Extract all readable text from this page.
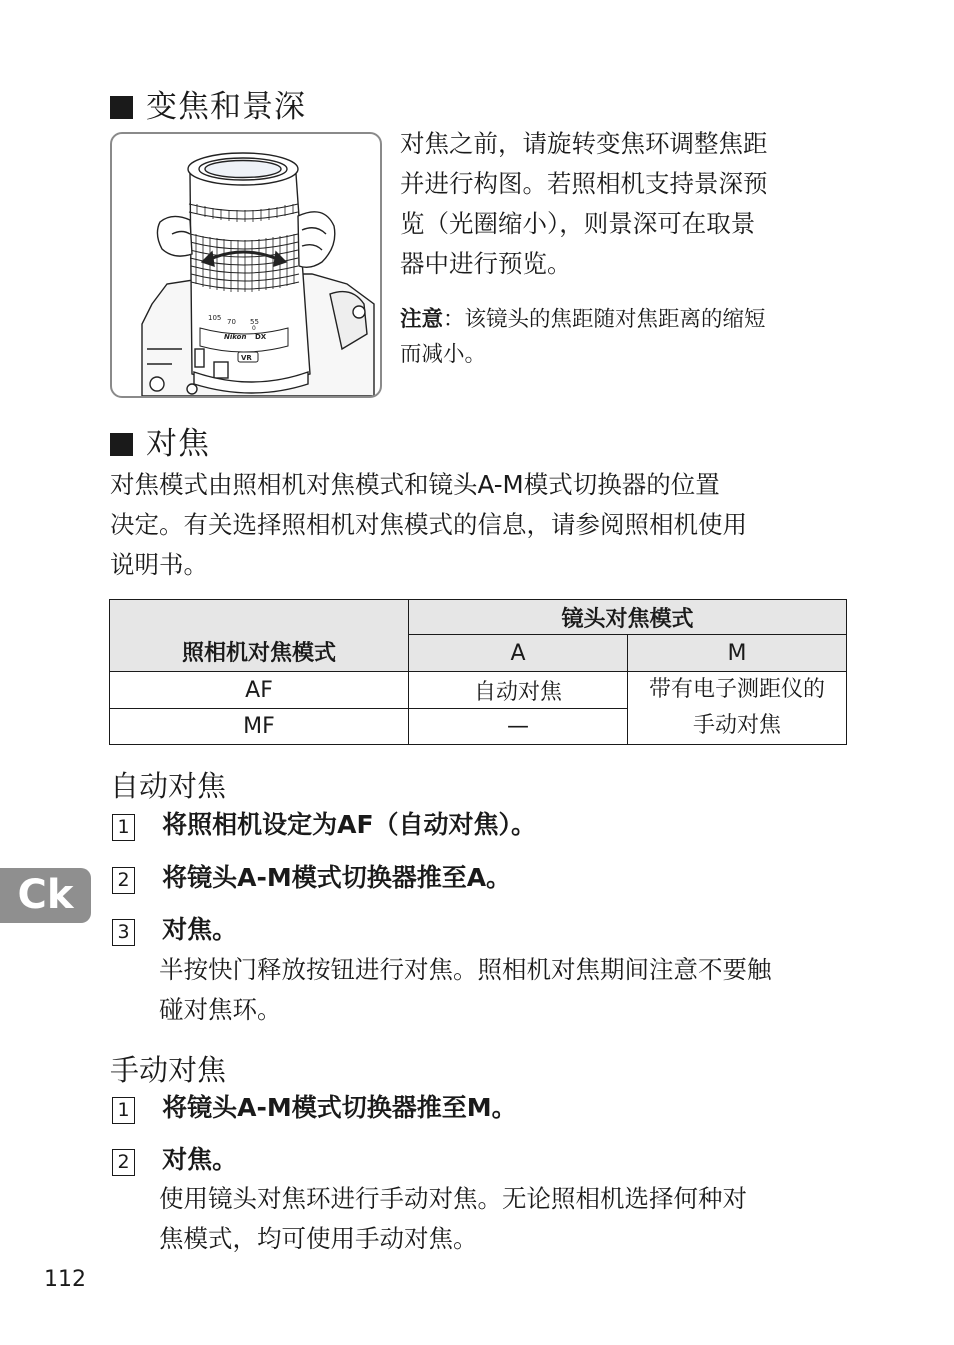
变焦和景深
105 70 55
0
Nikon DX
VR
对焦之前，请旋转变焦环调整焦距
并进行构图。若照相机支持景深预
览（光圈缩小），则景深可在取景
器中进行预览。
注意：该镜头的焦距随对焦距离的缩短
而减小。
对焦
对焦模式由照相机对焦模式和镜头A-M模式切换器的位置
决定。有关选择照相机对焦模式的信息，请参阅照相机使用
说明书。
照相机对焦模式	镜头对焦模式	
	A	M
AF	自动对焦	带有电子测距仪的
手动对焦

MF	—	
自动对焦
1 将照相机设定为AF（自动对焦）。
2 将镜头A-M模式切换器推至A。
3 对焦。
半按快门释放按钮进行对焦。照相机对焦期间注意不要触
碰对焦环。
手动对焦
1 将镜头A-M模式切换器推至M。
2 对焦。
使用镜头对焦环进行手动对焦。无论照相机选择何种对
焦模式，均可使用手动对焦。
Ck
112
